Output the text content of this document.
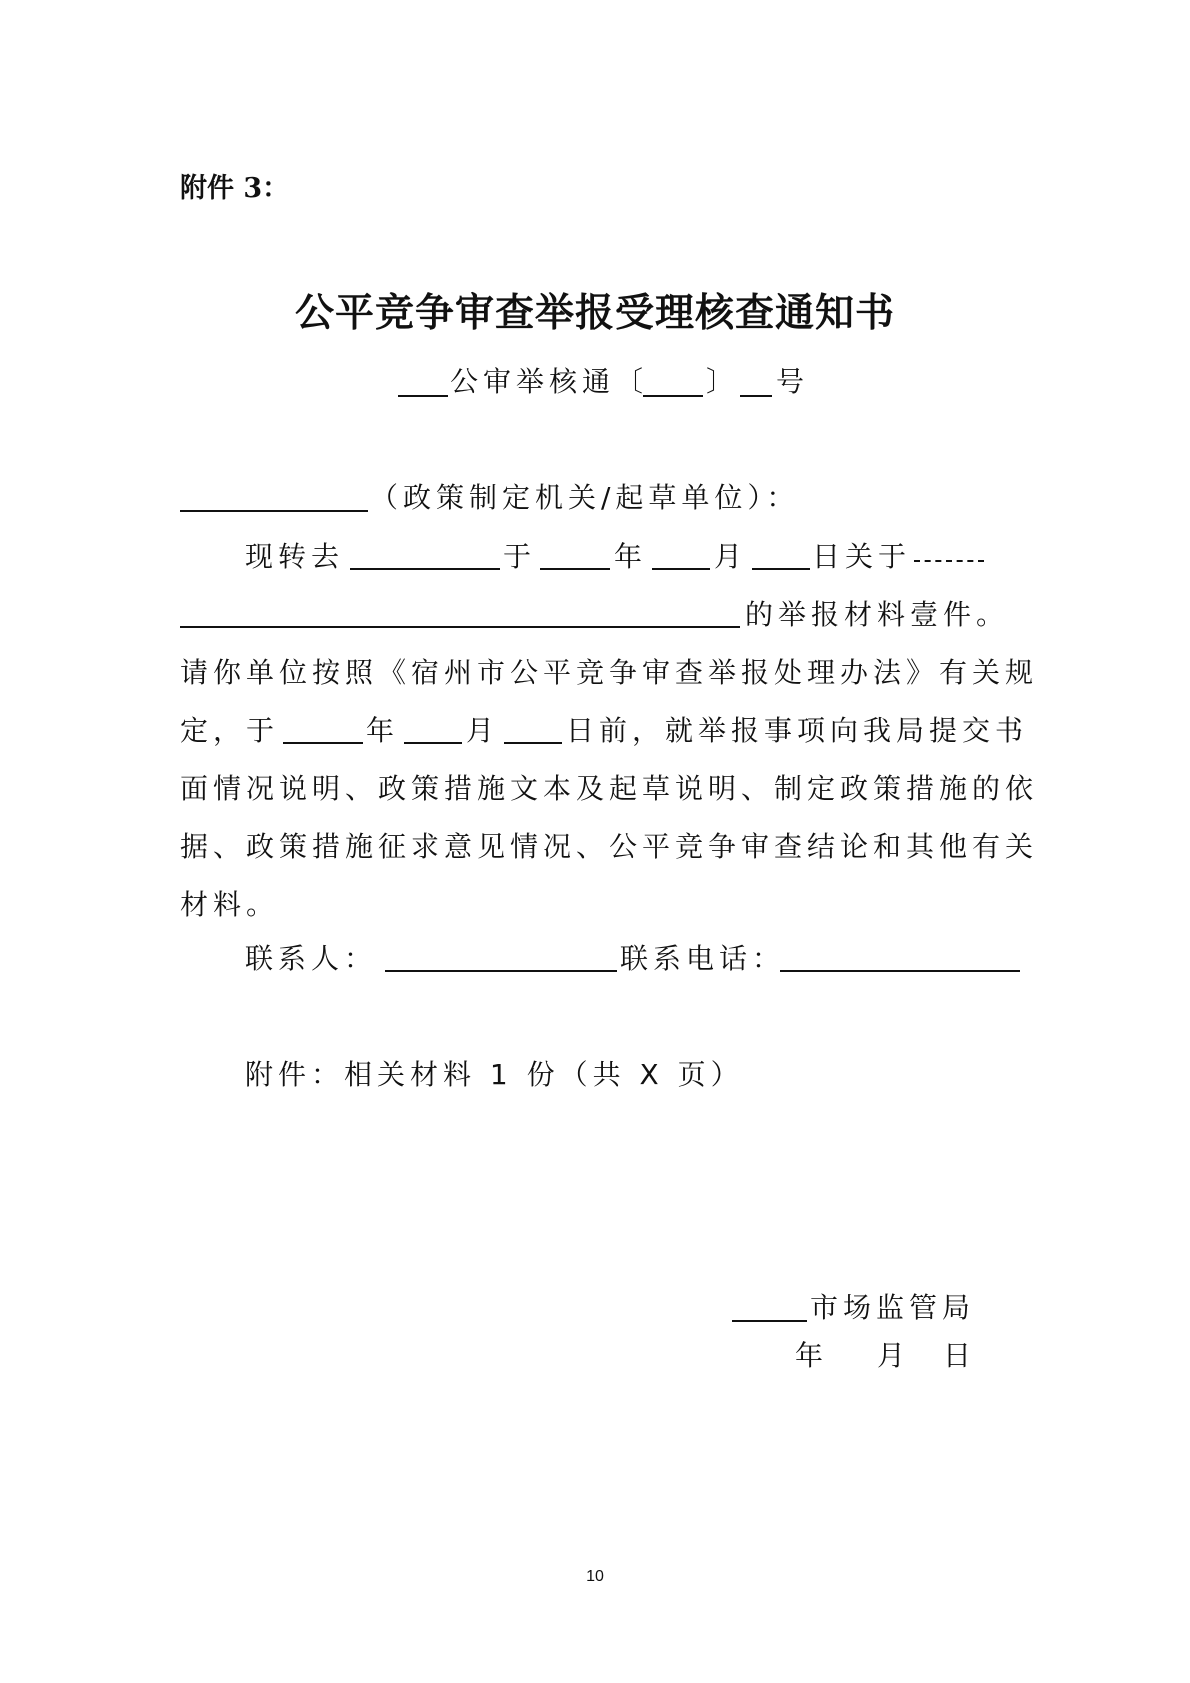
附件 3：
公平竞争审查举报受理核查通知书
公审举核通〔 〕 号
（政策制定机关/起草单位）：
现转去	于	年 月 日关于
的举报材料壹件。
请你单位按照《宿州市公平竞争审查举报处理办法》有关规
定，于	年 月 日前，就举报事项向我局提交书
面情况说明、政策措施文本及起草说明、制定政策措施的依
据、政策措施征求意见情况、公平竞争审查结论和其他有关
材料。
联系人：	联系电话：
附件：相关材料 1 份（共 X 页）
市场监管局
年 月 日
10
